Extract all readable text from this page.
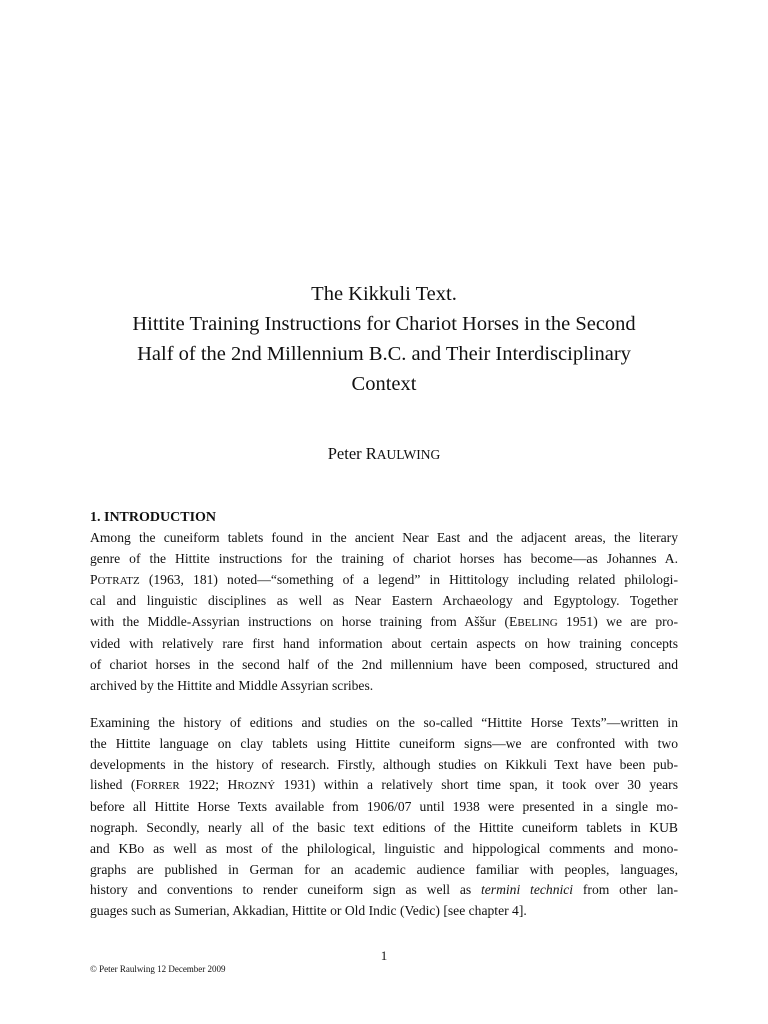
The Kikkuli Text.
Hittite Training Instructions for Chariot Horses in the Second
Half of the 2nd Millennium B.C. and Their Interdisciplinary
Context
Peter RAULWING
1. INTRODUCTION
Among the cuneiform tablets found in the ancient Near East and the adjacent areas, the literary
genre of the Hittite instructions for the training of chariot horses has become—as Johannes A.
POTRATZ (1963, 181) noted—“something of a legend” in Hittitology including related philologi-
cal and linguistic disciplines as well as Near Eastern Archaeology and Egyptology. Together
with the Middle-Assyrian instructions on horse training from Aššur (EBELING 1951) we are pro-
vided with relatively rare first hand information about certain aspects on how training concepts
of chariot horses in the second half of the 2nd millennium have been composed, structured and
archived by the Hittite and Middle Assyrian scribes.
Examining the history of editions and studies on the so-called “Hittite Horse Texts”—written in
the Hittite language on clay tablets using Hittite cuneiform signs—we are confronted with two
developments in the history of research. Firstly, although studies on Kikkuli Text have been pub-
lished (FORRER 1922; HROZNÝ 1931) within a relatively short time span, it took over 30 years
before all Hittite Horse Texts available from 1906/07 until 1938 were presented in a single mo-
nograph. Secondly, nearly all of the basic text editions of the Hittite cuneiform tablets in KUB
and KBo as well as most of the philological, linguistic and hippological comments and mono-
graphs are published in German for an academic audience familiar with peoples, languages,
history and conventions to render cuneiform sign as well as termini technici from other lan-
guages such as Sumerian, Akkadian, Hittite or Old Indic (Vedic) [see chapter 4].
1
© Peter Raulwing 12 December 2009
